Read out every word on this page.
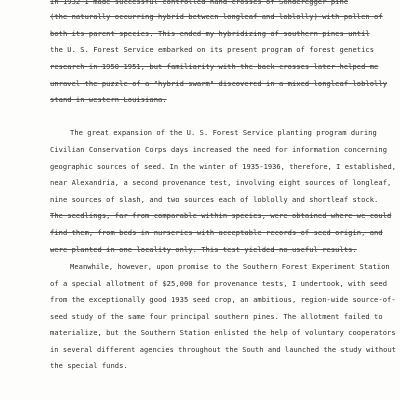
In 1932 I made successful controlled hand-crosses of Sonderegger pine
(the naturally occurring hybrid between longleaf and loblolly) with pollen of
both its parent species. This ended my hybridizing of southern pines until
the U. S. Forest Service embarked on its present program of forest genetics
research in 1950-1951, but familiarity with the back-crosses later helped me
unravel the puzzle of a "hybrid swarm" discovered in a mixed longleaf-loblolly
stand in western Louisiana.
The great expansion of the U. S. Forest Service planting program during
Civilian Conservation Corps days increased the need for information concerning
geographic sources of seed. In the winter of 1935-1936, therefore, I established,
near Alexandria, a second provenance test, involving eight sources of longleaf,
nine sources of slash, and two sources each of loblolly and shortleaf stock.
The seedlings, far from comparable within species, were obtained where we could
find them, from beds in nurseries with acceptable records of seed origin, and
were planted in one locality only. This test yielded no useful results.
Meanwhile, however, upon promise to the Southern Forest Experiment Station
of a special allotment of $25,000 for provenance tests, I undertook, with seed
from the exceptionally good 1935 seed crop, an ambitious, region-wide source-of-
seed study of the same four principal southern pines. The allotment failed to
materialize, but the Southern Station enlisted the help of voluntary cooperators
in several different agencies throughout the South and launched the study without
the special funds.
